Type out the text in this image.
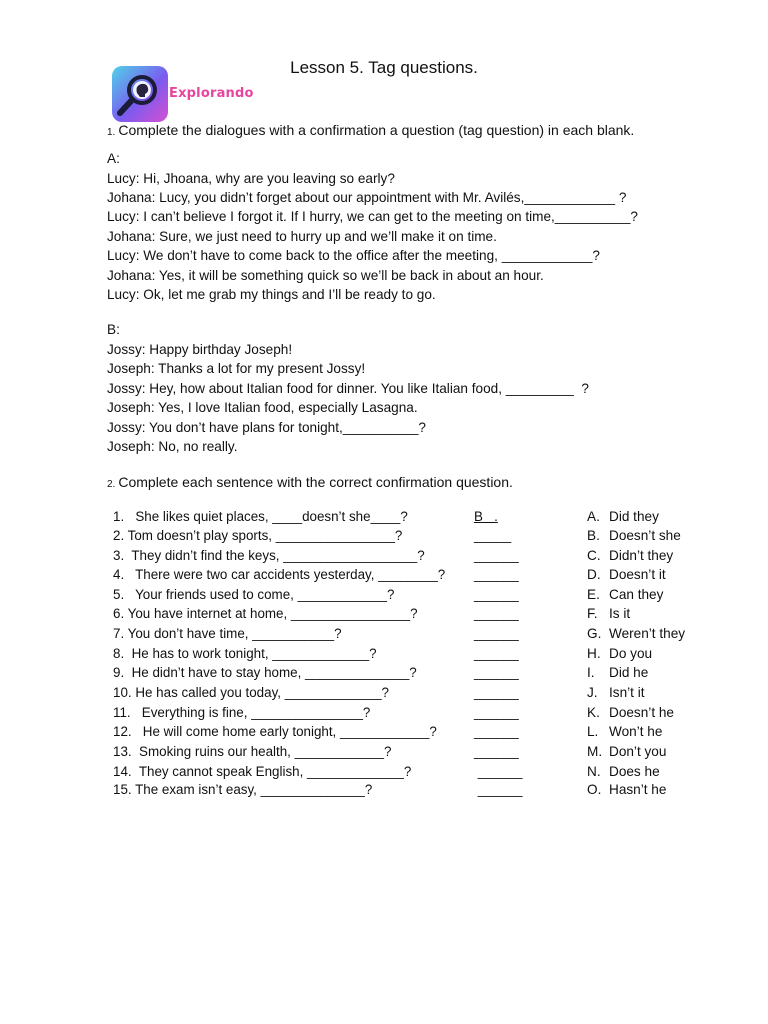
Explorando
Lesson 5. Tag questions.
1. Complete the dialogues with a confirmation a question (tag question) in each blank.
A:
Lucy: Hi, Jhoana, why are you leaving so early?
Johana: Lucy, you didn’t forget about our appointment with Mr. Avilés,____________ ?
Lucy: I can’t believe I forgot it. If I hurry, we can get to the meeting on time,__________?
Johana: Sure, we just need to hurry up and we’ll make it on time.
Lucy: We don’t have to come back to the office after the meeting, ____________?
Johana: Yes, it will be something quick so we’ll be back in about an hour.
Lucy: Ok, let me grab my things and I’ll be ready to go.
B:
Jossy: Happy birthday Joseph!
Joseph: Thanks a lot for my present Jossy!
Jossy: Hey, how about Italian food for dinner. You like Italian food, _________  ?
Joseph: Yes, I love Italian food, especially Lasagna.
Jossy: You don’t have plans for tonight,__________?
Joseph: No, no really.
2. Complete each sentence with the correct confirmation question.
1.   She likes quiet places, ____doesn’t she____?
2. Tom doesn’t play sports, ________________?
3.  They didn’t find the keys, __________________?
4.   There were two car accidents yesterday, ________?
5.   Your friends used to come, ____________?
6. You have internet at home, ________________?
7. You don’t have time, ___________?
8.  He has to work tonight, _____________?
9.  He didn’t have to stay home, ______________?
10. He has called you today, _____________?
11.   Everything is fine, _______________?
12.   He will come home early tonight, ____________?
13.  Smoking ruins our health, ____________?
14.  They cannot speak English, _____________?
15. The exam isn’t easy, ______________?
B   .
_____
______
______
______
______
______
______
______
______
______
______
______
______
______
A. Did they
B. Doesn’t she
C. Didn’t they
D. Doesn’t it
E. Can they
F. Is it
G. Weren’t they
H. Do you
I. Did he
J. Isn’t it
K. Doesn’t he
L. Won’t he
M. Don’t you
N. Does he
O. Hasn’t he
